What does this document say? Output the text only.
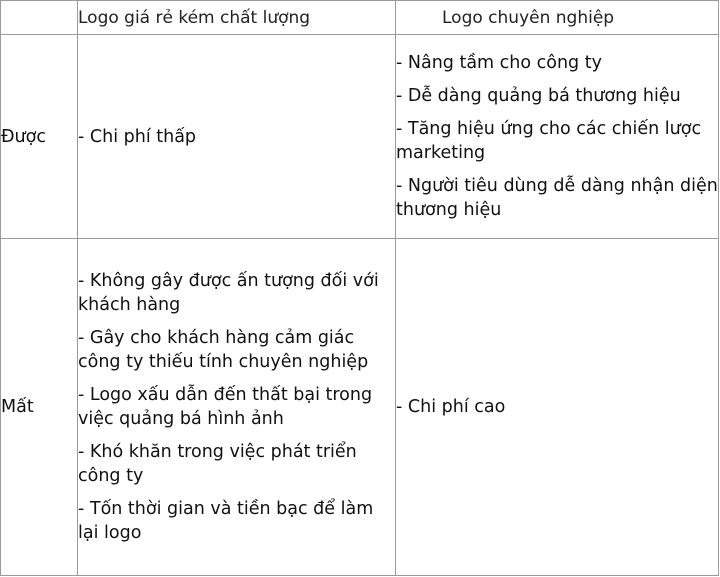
	Logo giá rẻ kém chất lượng	Logo chuyên nghiệp
Được	- Chi phí thấp	- Nâng tầm cho công ty
- Dễ dàng quảng bá thương hiệu
- Tăng hiệu ứng cho các chiến lược marketing
- Người tiêu dùng dễ dàng nhận diện thương hiệu

Mất	- Không gây được ấn tượng đối với khách hàng
- Gây cho khách hàng cảm giác công ty thiếu tính chuyên nghiệp
- Logo xấu dẫn đến thất bại trong việc quảng bá hình ảnh
- Khó khăn trong việc phát triển công ty
- Tốn thời gian và tiền bạc để làm lại logo	- Chi phí cao
